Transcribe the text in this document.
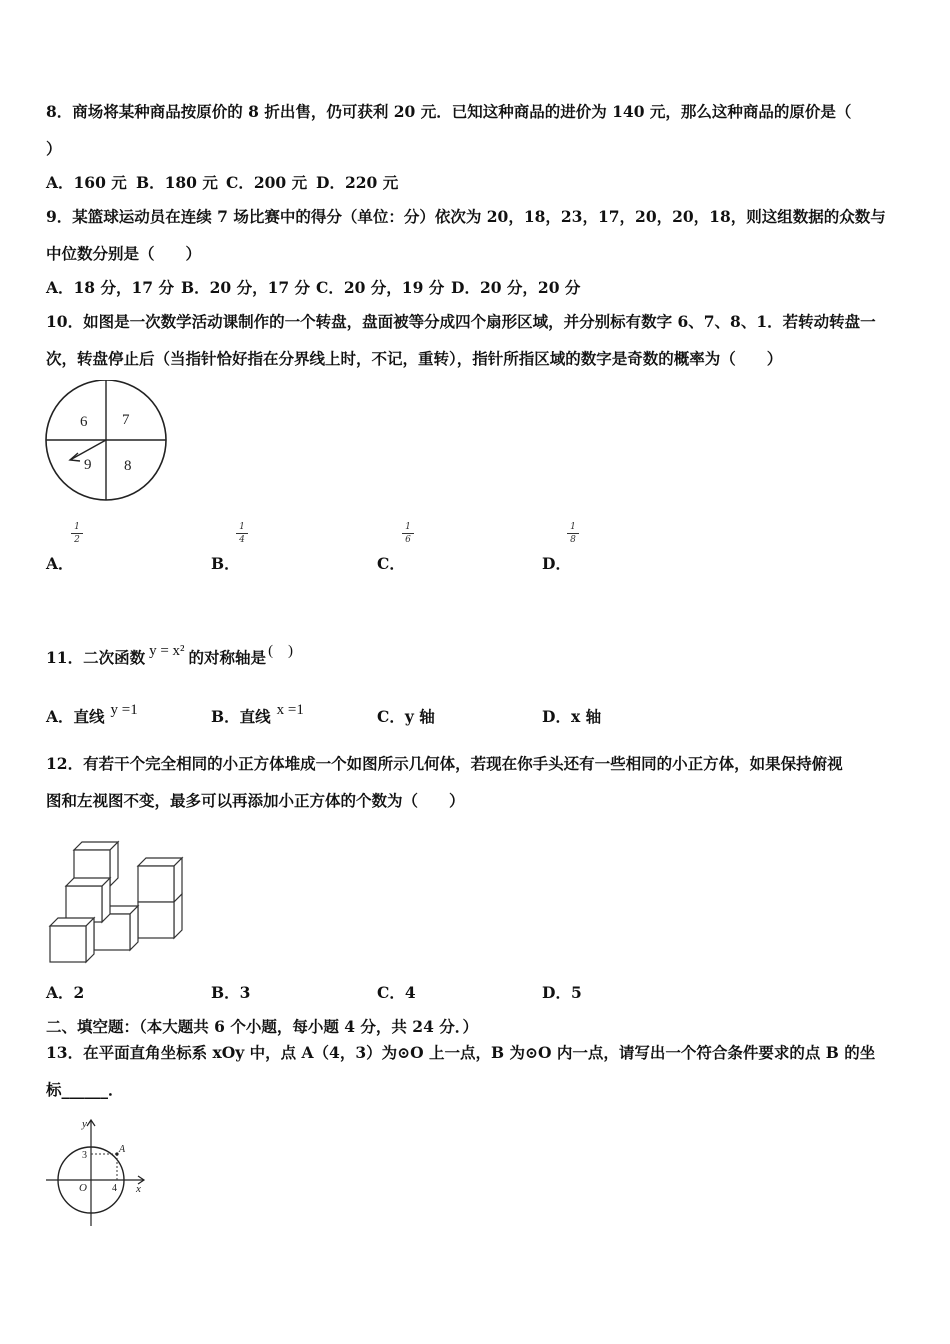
8．商场将某种商品按原价的 8 折出售，仍可获利 20 元．已知这种商品的进价为 140 元，那么这种商品的原价是（
）
A．160 元 B．180 元 C．200 元 D．220 元
9．某篮球运动员在连续 7 场比赛中的得分（单位：分）依次为 20，18，23，17，20，20，18，则这组数据的众数与
中位数分别是（　　）
A．18 分，17 分 B．20 分，17 分 C．20 分，19 分 D．20 分，20 分
10．如图是一次数学活动课制作的一个转盘，盘面被等分成四个扇形区域，并分别标有数字 6、7、8、1．若转动转盘一
次，转盘停止后（当指针恰好指在分界线上时，不记，重转），指针所指区域的数字是奇数的概率为（　　）
6 7
9 8
1
2
A．
1
4
B．
1
6
C．
1
8
D．
11．二次函数 y = x² 的对称轴是 (　)
A．直线 y =1	B．直线 x =1	C．y 轴	D．x 轴
12．有若干个完全相同的小正方体堆成一个如图所示几何体，若现在你手头还有一些相同的小正方体，如果保持俯视
图和左视图不变，最多可以再添加小正方体的个数为（　　）
A．2	B．3	C．4	D．5
二、填空题：（本大题共 6 个小题，每小题 4 分，共 24 分．）
13．在平面直角坐标系 xOy 中，点 A（4，3）为⊙O 上一点，B 为⊙O 内一点，请写出一个符合条件要求的点 B 的坐
标______．
y
x
O
A
3
4
